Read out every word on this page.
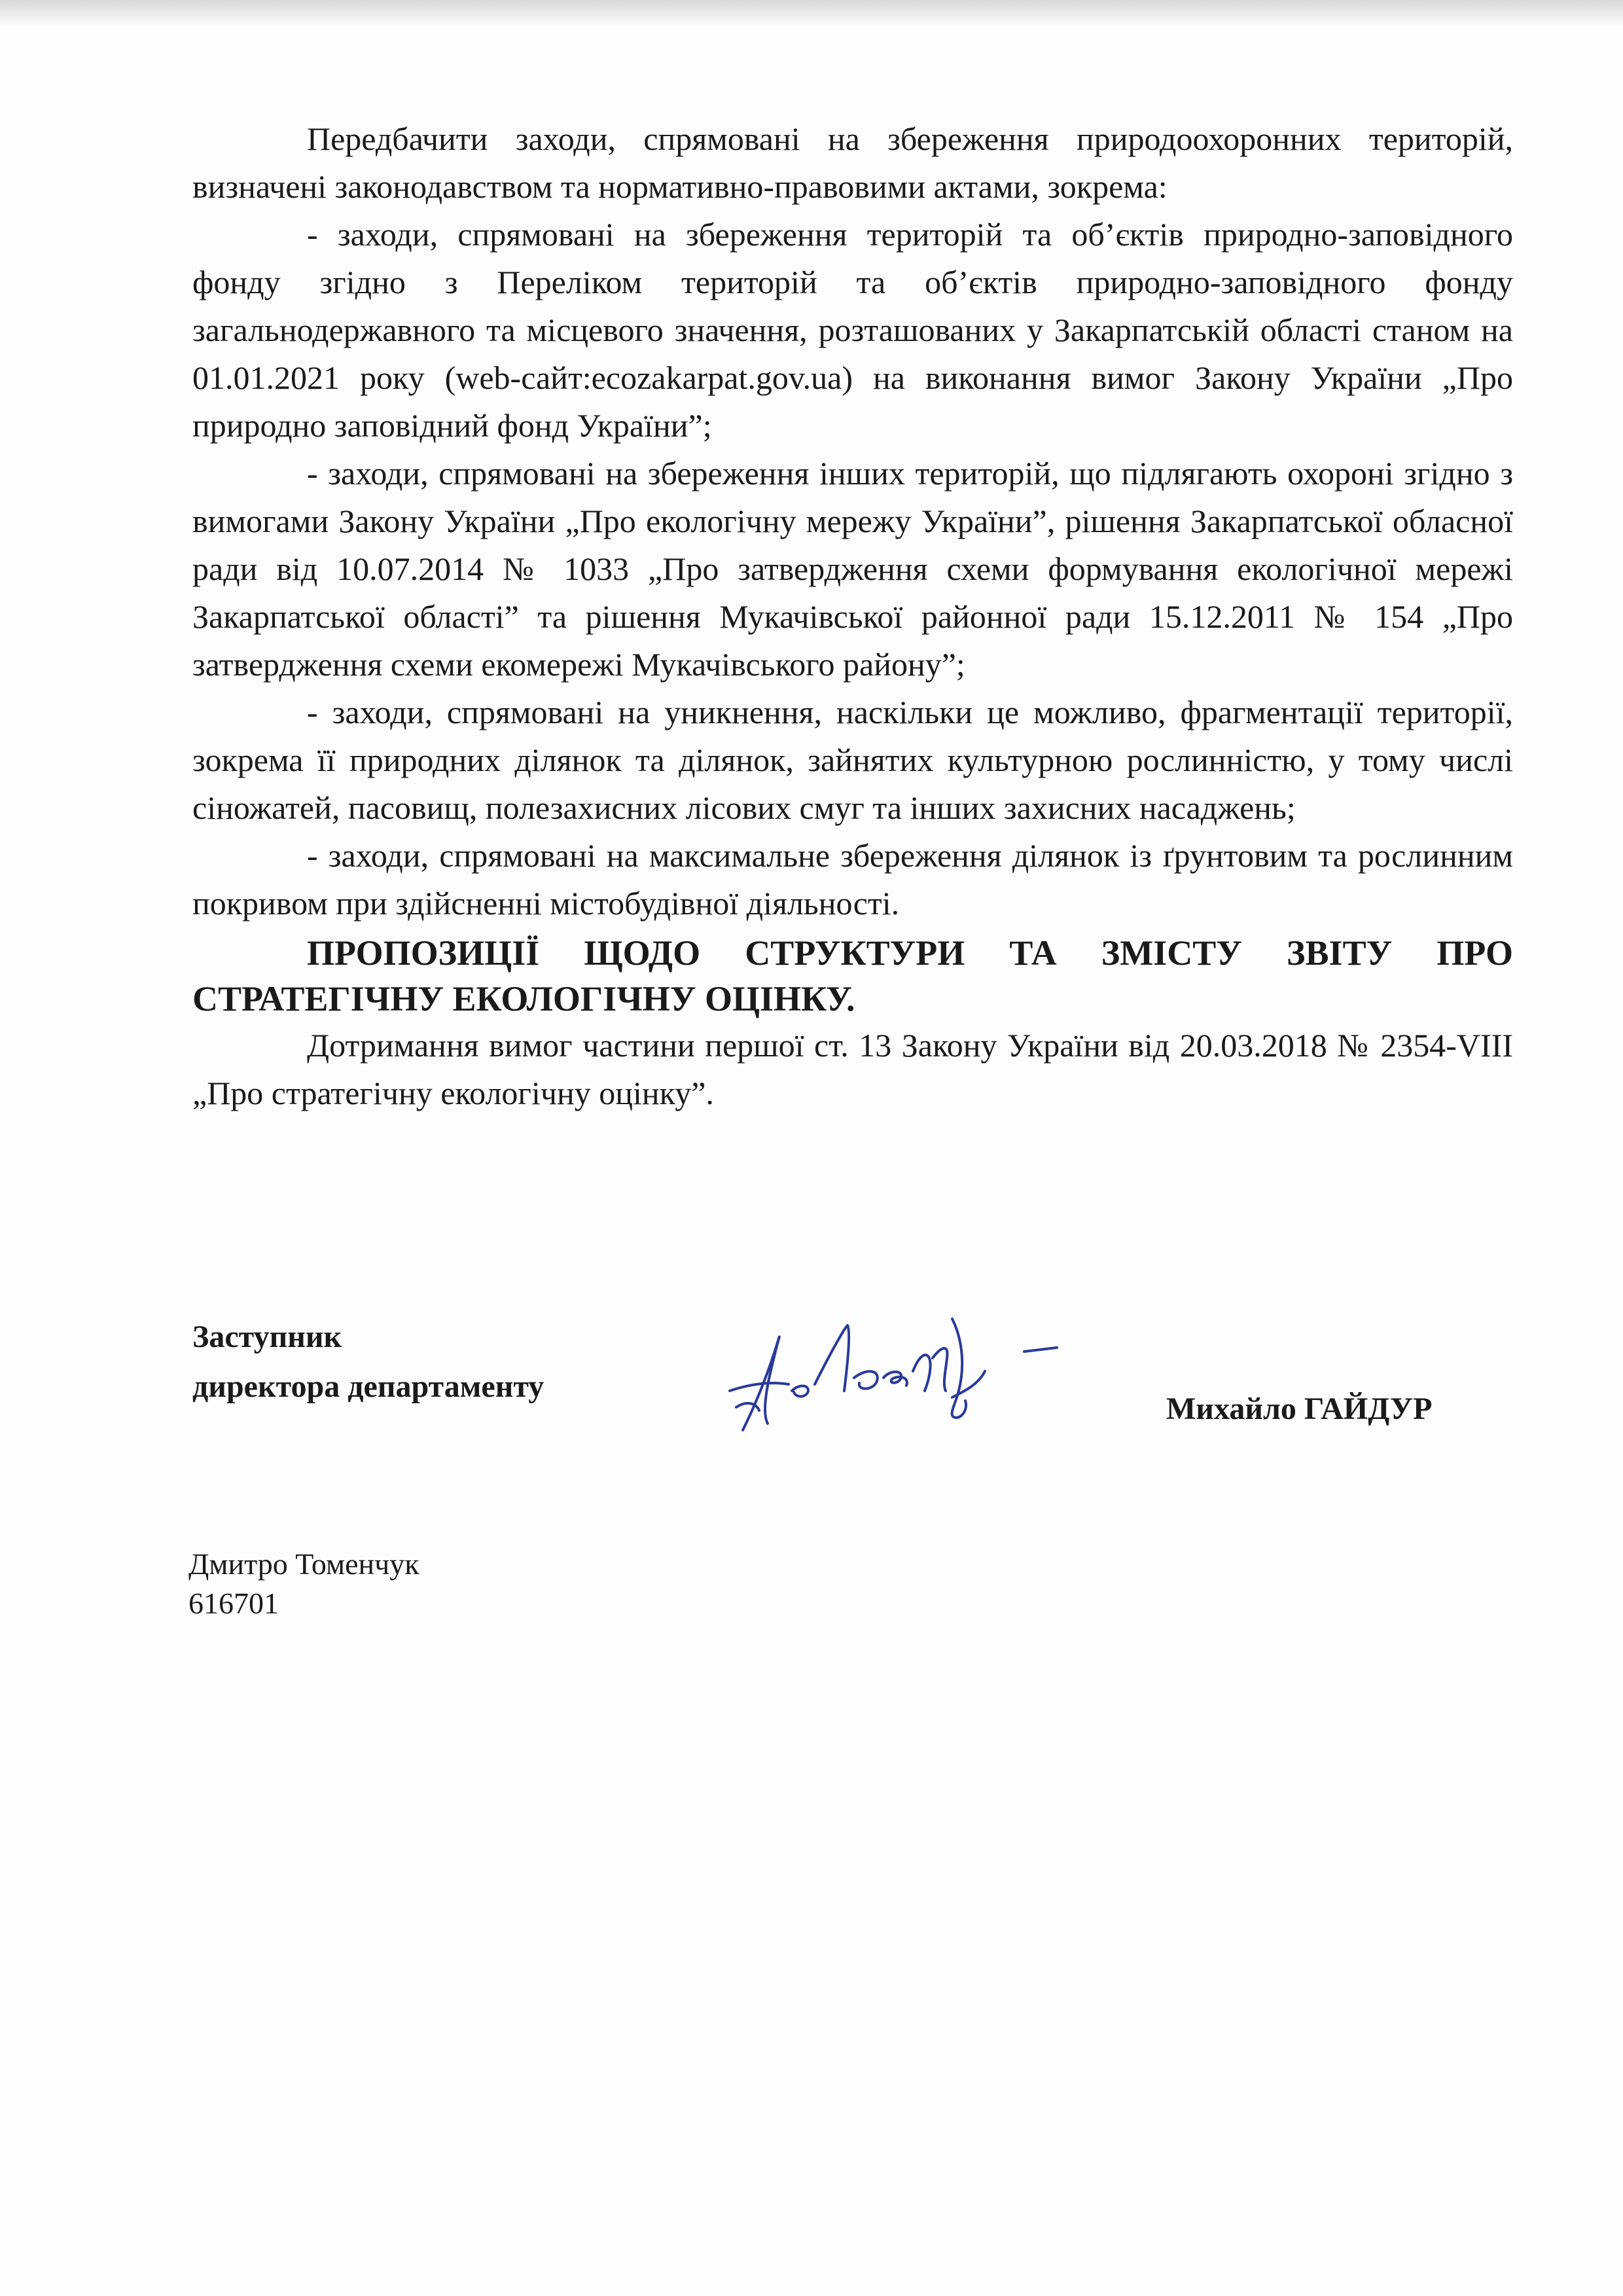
Передбачити заходи, спрямовані на збереження природоохоронних територій, визначені законодавством та нормативно-правовими актами, зокрема:

- заходи, спрямовані на збереження територій та об’єктів природно-заповідного фонду згідно з Переліком територій та об’єктів природно-заповідного фонду загальнодержавного та місцевого значення, розташованих у Закарпатській області станом на 01.01.2021 року (web-сайт:ecozakarpat.gov.ua) на виконання вимог Закону України „Про природно заповідний фонд України”;

- заходи, спрямовані на збереження інших територій, що підлягають охороні згідно з вимогами Закону України „Про екологічну мережу України”, рішення Закарпатської обласної ради від 10.07.2014 № 1033 „Про затвердження схеми формування екологічної мережі Закарпатської області” та рішення Мукачівської районної ради 15.12.2011 № 154 „Про затвердження схеми екомережі Мукачівського району”;

- заходи, спрямовані на уникнення, наскільки це можливо, фрагментації території, зокрема її природних ділянок та ділянок, зайнятих культурною рослинністю, у тому числі сіножатей, пасовищ, полезахисних лісових смуг та інших захисних насаджень;

- заходи, спрямовані на максимальне збереження ділянок із ґрунтовим та рослинним покривом при здійсненні містобудівної діяльності.

ПРОПОЗИЦІЇ ЩОДО СТРУКТУРИ ТА ЗМІСТУ ЗВІТУ ПРО СТРАТЕГІЧНУ ЕКОЛОГІЧНУ ОЦІНКУ.

Дотримання вимог частини першої ст. 13 Закону України від 20.03.2018 № 2354-VIII „Про стратегічну екологічну оцінку”.

Заступник
директора департаменту
Михайло ГАЙДУР
Дмитро Томенчук
616701
